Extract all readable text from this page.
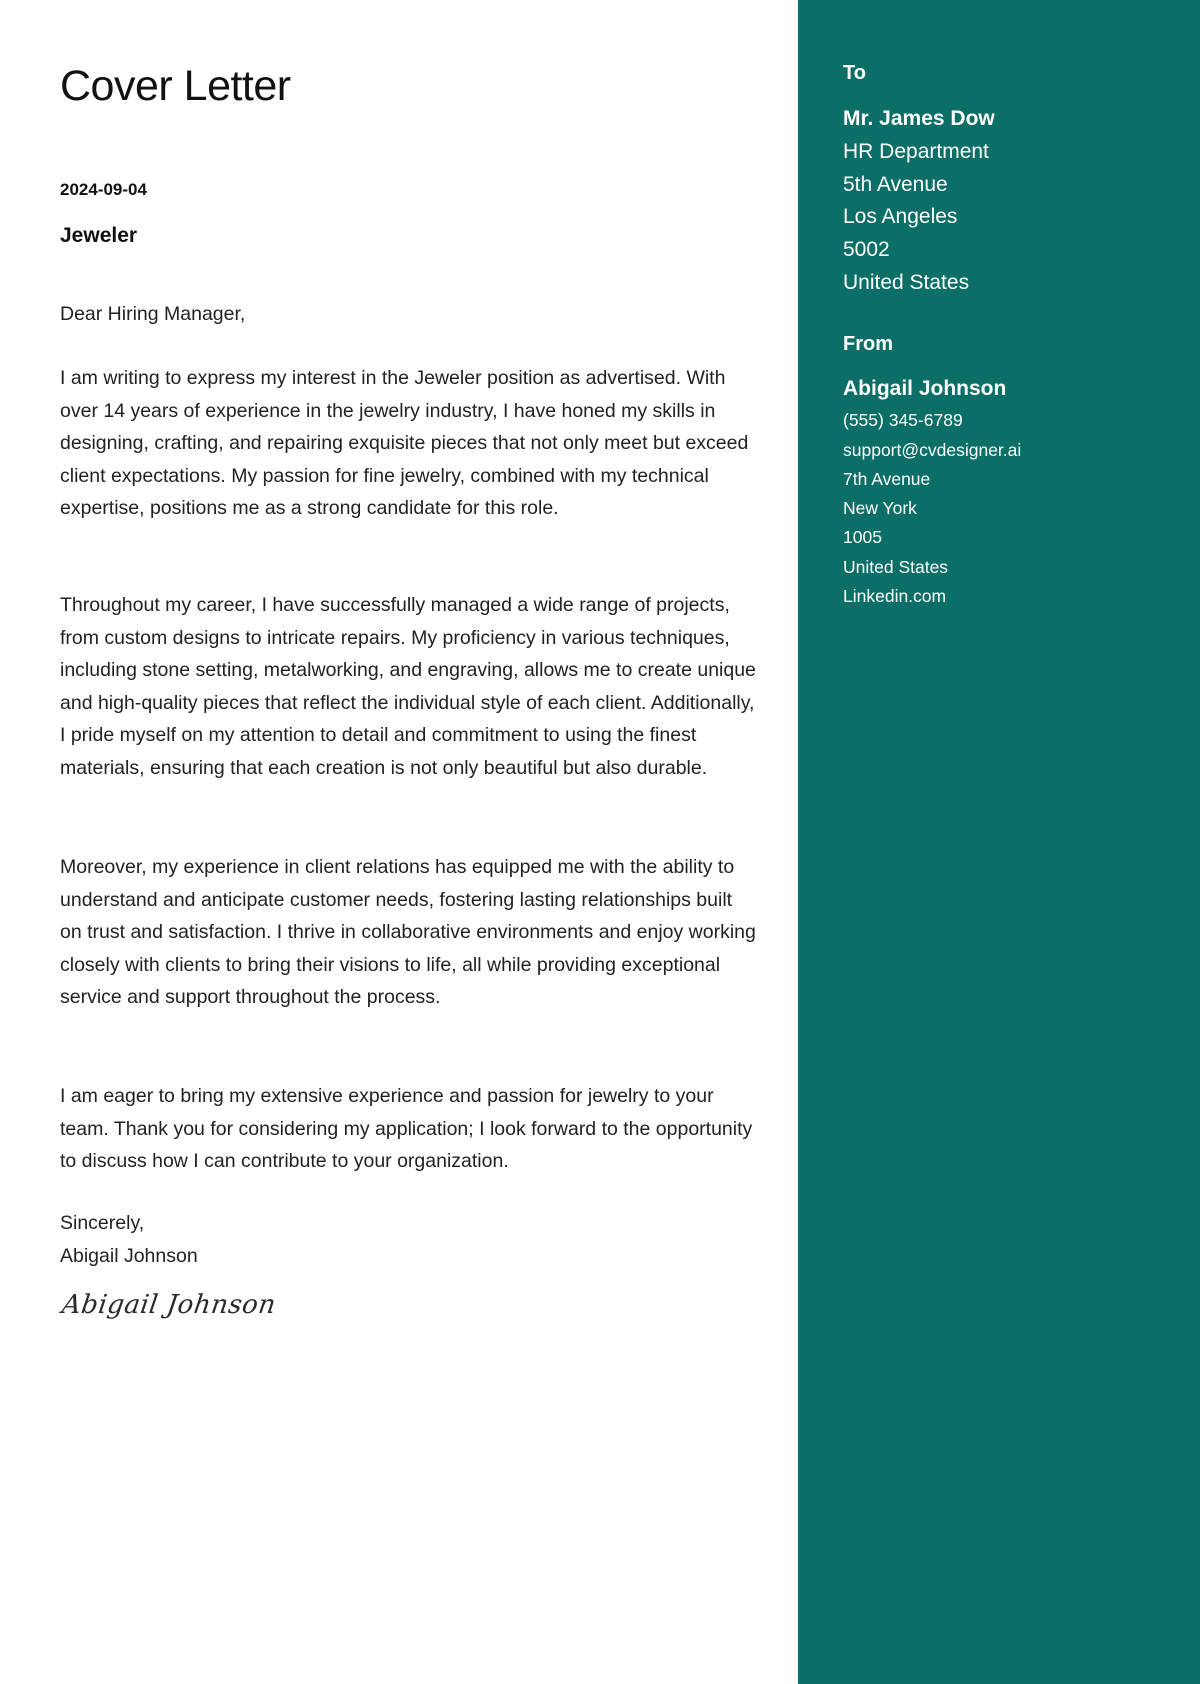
Cover Letter
2024-09-04
Jeweler

Dear Hiring Manager,

I am writing to express my interest in the Jeweler position as advertised. With over 14 years of experience in the jewelry industry, I have honed my skills in designing, crafting, and repairing exquisite pieces that not only meet but exceed client expectations. My passion for fine jewelry, combined with my technical expertise, positions me as a strong candidate for this role.

Throughout my career, I have successfully managed a wide range of projects, from custom designs to intricate repairs. My proficiency in various techniques, including stone setting, metalworking, and engraving, allows me to create unique and high-quality pieces that reflect the individual style of each client. Additionally, I pride myself on my attention to detail and commitment to using the finest materials, ensuring that each creation is not only beautiful but also durable.

Moreover, my experience in client relations has equipped me with the ability to understand and anticipate customer needs, fostering lasting relationships built on trust and satisfaction. I thrive in collaborative environments and enjoy working closely with clients to bring their visions to life, all while providing exceptional service and support throughout the process.

I am eager to bring my extensive experience and passion for jewelry to your team. Thank you for considering my application; I look forward to the opportunity to discuss how I can contribute to your organization.

Sincerely,

Abigail Johnson

Abigail Johnson
To
Mr. James Dow
HR Department
5th Avenue
Los Angeles
5002
United States
From
Abigail Johnson
(555) 345-6789
support@cvdesigner.ai
7th Avenue
New York
1005
United States
Linkedin.com
